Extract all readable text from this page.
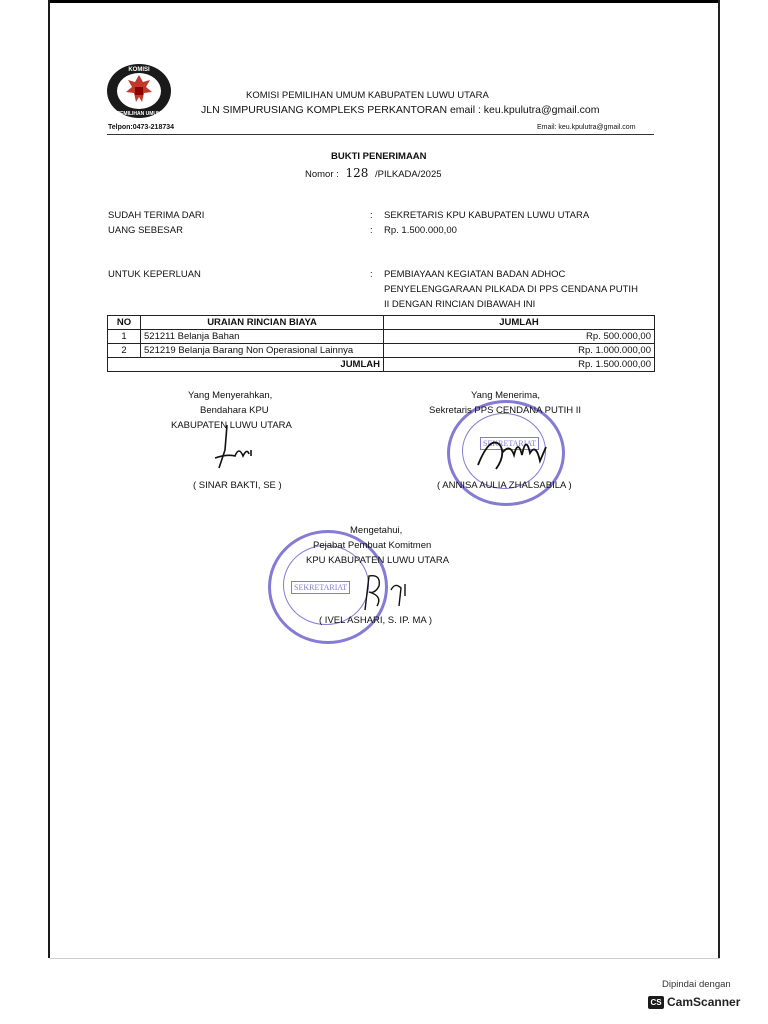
KOMISI
PEMILIHAN UMUM
KOMISI PEMILIHAN UMUM KABUPATEN LUWU UTARA
JLN SIMPURUSIANG KOMPLEKS PERKANTORAN email : keu.kpulutra@gmail.com
Telpon:0473-218734	Email: keu.kpulutra@gmail.com
BUKTI PENERIMAAN
Nomor : 128 /PILKADA/2025
SUDAH TERIMA DARI	: SEKRETARIS KPU KABUPATEN LUWU UTARA
UANG SEBESAR	: Rp. 1.500.000,00
UNTUK KEPERLUAN	: PEMBIAYAAN KEGIATAN BADAN ADHOC
PENYELENGGARAAN PILKADA DI PPS CENDANA PUTIH
II DENGAN RINCIAN DIBAWAH INI
NO	URAIAN RINCIAN BIAYA	JUMLAH
1	521211 Belanja Bahan	Rp. 500.000,00
2	521219 Belanja Barang Non Operasional Lainnya	Rp. 1.000.000,00
JUMLAH		Rp. 1.500.000,00
Yang Menyerahkan,
Bendahara KPU
KABUPATEN LUWU UTARA
( SINAR BAKTI, SE )
SEKRETARIAT
Yang Menerima,
Sekretaris PPS CENDANA PUTIH II
( ANNISA AULIA ZHALSABILA )
SEKRETARIAT
Mengetahui,
Pejabat Pembuat Komitmen
KPU KABUPATEN LUWU UTARA
( IVEL ASHARI, S. IP. MA )
Dipindai dengan
CS CamScanner
